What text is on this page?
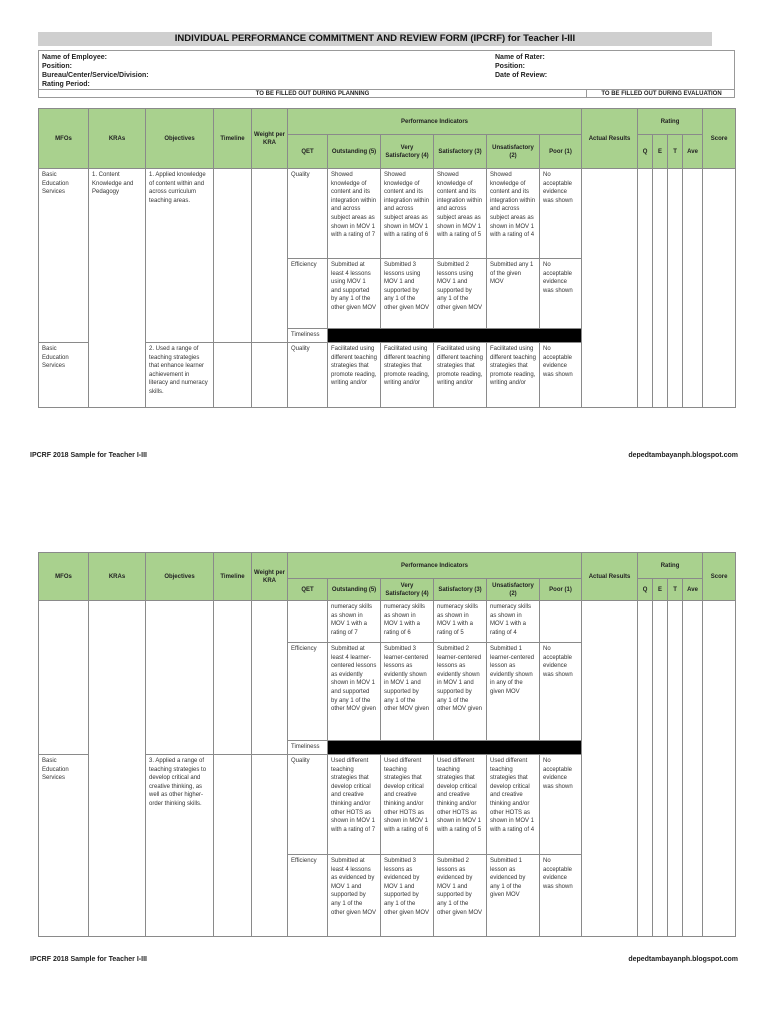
INDIVIDUAL PERFORMANCE COMMITMENT AND REVIEW FORM (IPCRF) for Teacher I-III
Name of Employee:
Position:
Bureau/Center/Service/Division:
Rating Period:
Name of Rater:
Position:
Date of Review:
TO BE FILLED OUT DURING PLANNING	TO BE FILLED OUT DURING EVALUATION
MFOs	KRAs	Objectives	Timeline	Weight per KRA	Performance Indicators						Actual Results	Rating				Score
					QET	Outstanding (5)	Very Satisfactory (4)	Satisfactory (3)	Unsatisfactory (2)	Poor (1)		Q	E	T	Ave	
Basic Education Services	1. Content Knowledge and Pedagogy	1. Applied knowledge of content within and across curriculum teaching areas.			Quality	Showed knowledge of content and its integration within and across subject areas as shown in MOV 1 with a rating of 7	Showed knowledge of content and its integration within and across subject areas as shown in MOV 1 with a rating of 6	Showed knowledge of content and its integration within and across subject areas as shown in MOV 1 with a rating of 5	Showed knowledge of content and its integration within and across subject areas as shown in MOV 1 with a rating of 4	No acceptable evidence was shown						
					Efficiency	Submitted at least 4 lessons using MOV 1 and supported by any 1 of the other given MOV	Submitted 3 lessons using MOV 1 and supported by any 1 of the other given MOV	Submitted 2 lessons using MOV 1 and supported by any 1 of the other given MOV	Submitted any 1 of the given MOV	No acceptable evidence was shown						
					Timeliness											
Basic Education Services		2. Used a range of teaching strategies that enhance learner achievement in literacy and numeracy skills.			Quality	Facilitated using different teaching strategies that promote reading, writing and/or	Facilitated using different teaching strategies that promote reading, writing and/or	Facilitated using different teaching strategies that promote reading, writing and/or	Facilitated using different teaching strategies that promote reading, writing and/or	No acceptable evidence was shown						
IPCRF 2018 Sample for Teacher I-III	depedtambayanph.blogspot.com
MFOs	KRAs	Objectives	Timeline	Weight per KRA	Performance Indicators						Actual Results	Rating				Score
					QET	Outstanding (5)	Very Satisfactory (4)	Satisfactory (3)	Unsatisfactory (2)	Poor (1)		Q	E	T	Ave	
						numeracy skills as shown in MOV 1 with a rating of 7	numeracy skills as shown in MOV 1 with a rating of 6	numeracy skills as shown in MOV 1 with a rating of 5	numeracy skills as shown in MOV 1 with a rating of 4							
					Efficiency	Submitted at least 4 learner-centered lessons as evidently shown in MOV 1 and supported by any 1 of the other MOV given	Submitted 3 learner-centered lessons as evidently shown in MOV 1 and supported by any 1 of the other MOV given	Submitted 2 learner-centered lessons as evidently shown in MOV 1 and supported by any 1 of the other MOV given	Submitted 1 learner-centered lesson as evidently shown in any of the given MOV	No acceptable evidence was shown						
					Timeliness											
Basic Education Services		3. Applied a range of teaching strategies to develop critical and creative thinking, as well as other higher-order thinking skills.			Quality	Used different teaching strategies that develop critical and creative thinking and/or other HOTS as shown in MOV 1 with a rating of 7	Used different teaching strategies that develop critical and creative thinking and/or other HOTS as shown in MOV 1 with a rating of 6	Used different teaching strategies that develop critical and creative thinking and/or other HOTS as shown in MOV 1 with a rating of 5	Used different teaching strategies that develop critical and creative thinking and/or other HOTS as shown in MOV 1 with a rating of 4	No acceptable evidence was shown						
					Efficiency	Submitted at least 4 lessons as evidenced by MOV 1 and supported by any 1 of the other given MOV	Submitted 3 lessons as evidenced by MOV 1 and supported by any 1 of the other given MOV	Submitted 2 lessons as evidenced by MOV 1 and supported by any 1 of the other given MOV	Submitted 1 lesson as evidenced by any 1 of the given MOV	No acceptable evidence was shown						
IPCRF 2018 Sample for Teacher I-III	depedtambayanph.blogspot.com
